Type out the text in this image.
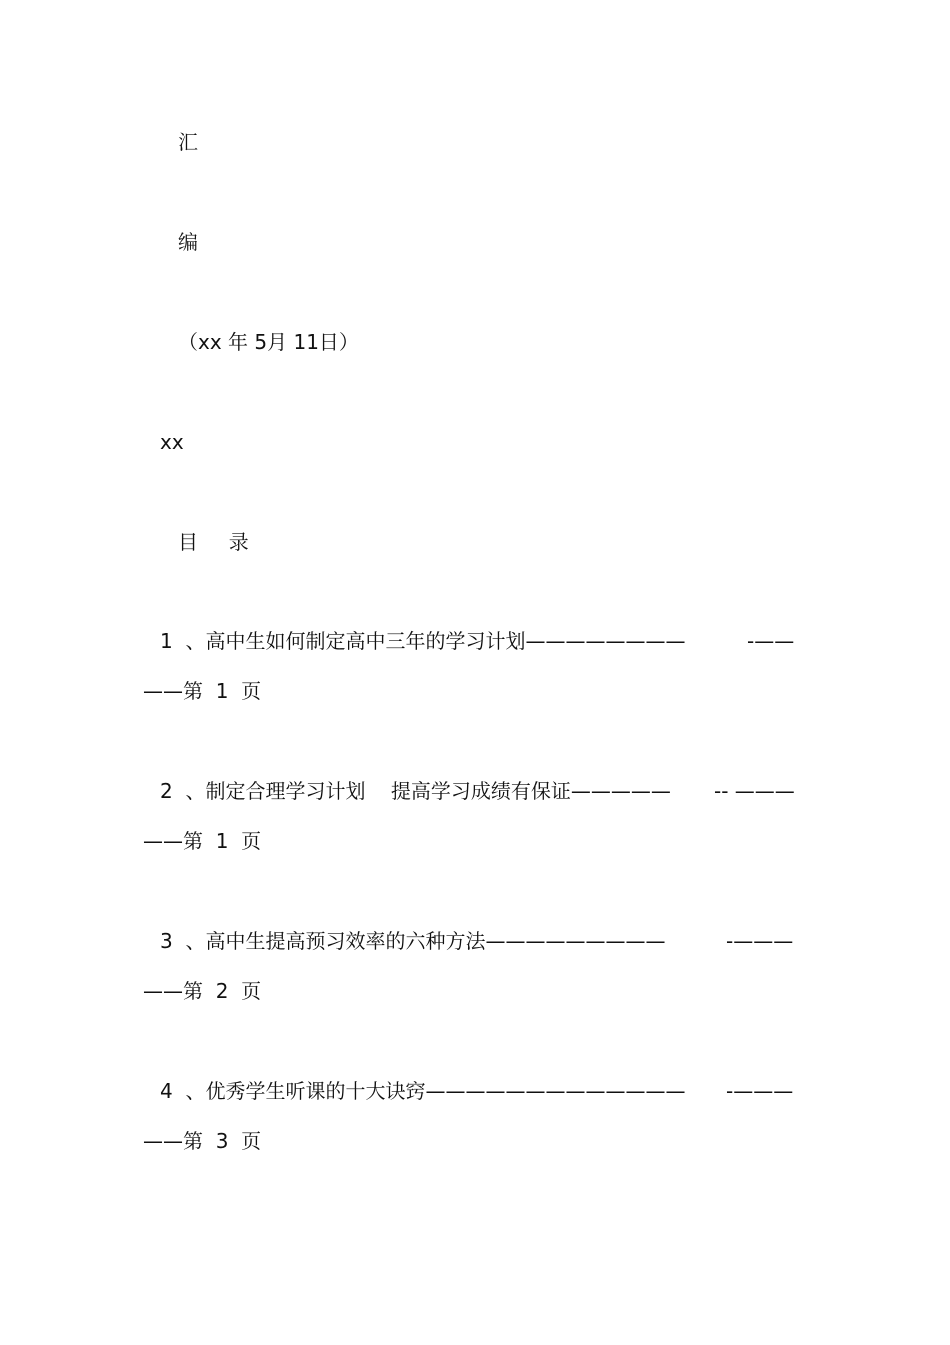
汇
编
（xx 年 5月 11日）
xx
目  录
1  、高中生如何制定高中三年的学习计划————————	-——
——第  1  页
2  、制定合理学习计划    提高学习成绩有保证————— -- ———
——第  1  页
3  、高中生提高预习效率的六种方法—————————	-———
——第  2  页
4  、优秀学生听课的十大诀窍————————————— -———
——第  3  页
